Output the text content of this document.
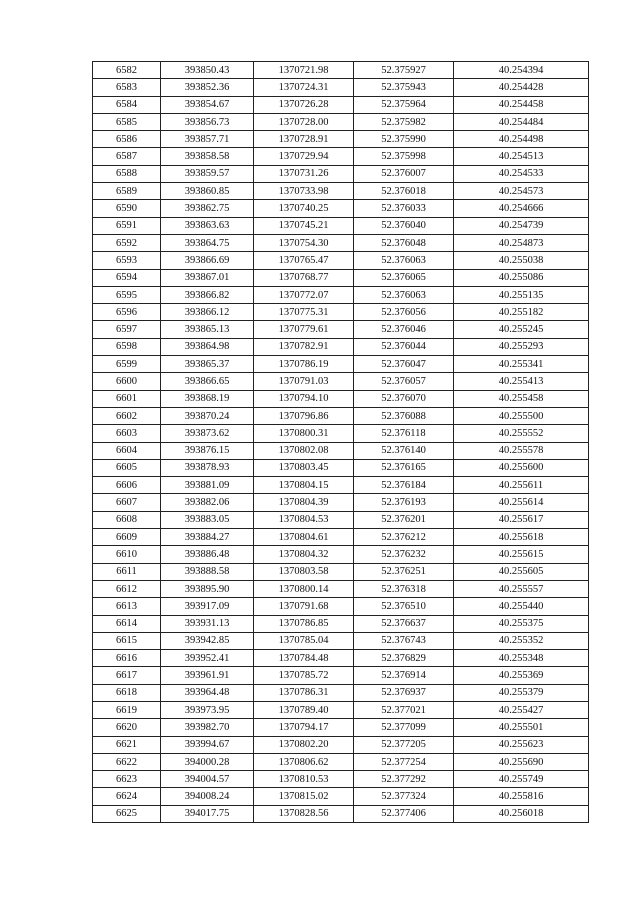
6582	393850.43	1370721.98	52.375927	40.254394
6583	393852.36	1370724.31	52.375943	40.254428
6584	393854.67	1370726.28	52.375964	40.254458
6585	393856.73	1370728.00	52.375982	40.254484
6586	393857.71	1370728.91	52.375990	40.254498
6587	393858.58	1370729.94	52.375998	40.254513
6588	393859.57	1370731.26	52.376007	40.254533
6589	393860.85	1370733.98	52.376018	40.254573
6590	393862.75	1370740.25	52.376033	40.254666
6591	393863.63	1370745.21	52.376040	40.254739
6592	393864.75	1370754.30	52.376048	40.254873
6593	393866.69	1370765.47	52.376063	40.255038
6594	393867.01	1370768.77	52.376065	40.255086
6595	393866.82	1370772.07	52.376063	40.255135
6596	393866.12	1370775.31	52.376056	40.255182
6597	393865.13	1370779.61	52.376046	40.255245
6598	393864.98	1370782.91	52.376044	40.255293
6599	393865.37	1370786.19	52.376047	40.255341
6600	393866.65	1370791.03	52.376057	40.255413
6601	393868.19	1370794.10	52.376070	40.255458
6602	393870.24	1370796.86	52.376088	40.255500
6603	393873.62	1370800.31	52.376118	40.255552
6604	393876.15	1370802.08	52.376140	40.255578
6605	393878.93	1370803.45	52.376165	40.255600
6606	393881.09	1370804.15	52.376184	40.255611
6607	393882.06	1370804.39	52.376193	40.255614
6608	393883.05	1370804.53	52.376201	40.255617
6609	393884.27	1370804.61	52.376212	40.255618
6610	393886.48	1370804.32	52.376232	40.255615
6611	393888.58	1370803.58	52.376251	40.255605
6612	393895.90	1370800.14	52.376318	40.255557
6613	393917.09	1370791.68	52.376510	40.255440
6614	393931.13	1370786.85	52.376637	40.255375
6615	393942.85	1370785.04	52.376743	40.255352
6616	393952.41	1370784.48	52.376829	40.255348
6617	393961.91	1370785.72	52.376914	40.255369
6618	393964.48	1370786.31	52.376937	40.255379
6619	393973.95	1370789.40	52.377021	40.255427
6620	393982.70	1370794.17	52.377099	40.255501
6621	393994.67	1370802.20	52.377205	40.255623
6622	394000.28	1370806.62	52.377254	40.255690
6623	394004.57	1370810.53	52.377292	40.255749
6624	394008.24	1370815.02	52.377324	40.255816
6625	394017.75	1370828.56	52.377406	40.256018
